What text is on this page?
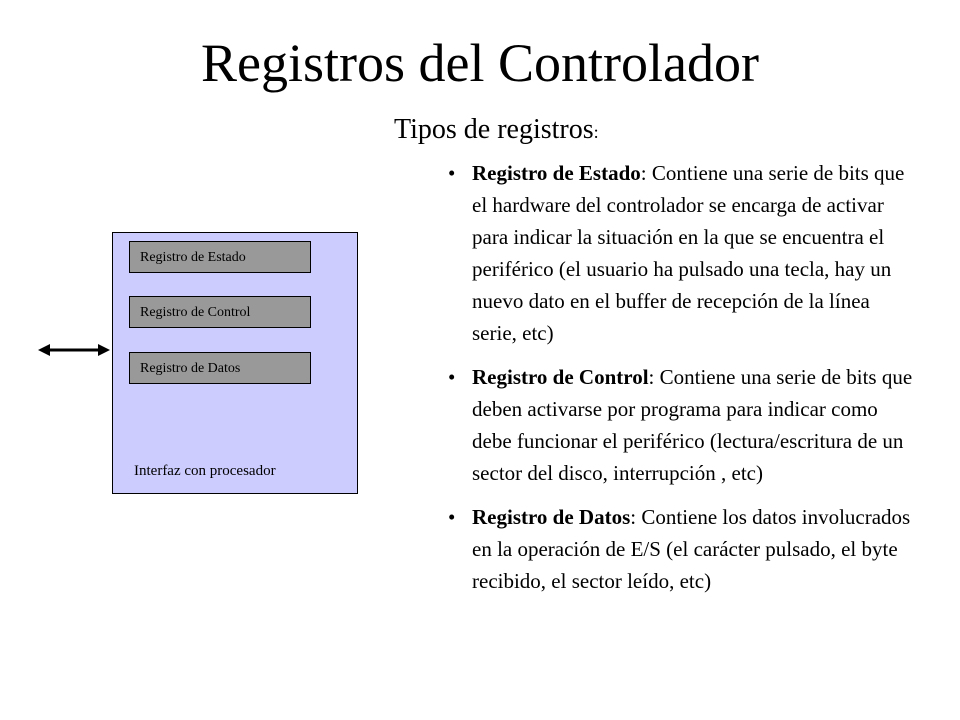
Registros del Controlador
Tipos de registros:
Registro de Estado
Registro de Control
Registro de Datos
Interfaz con procesador
• Registro de Estado: Contiene una serie de bits que el hardware del controlador se encarga de activar para indicar la situación en la que se encuentra el periférico (el usuario ha pulsado una tecla, hay un nuevo dato en el buffer de recepción de la línea serie, etc)
• Registro de Control: Contiene una serie de bits que deben activarse por programa para indicar como debe funcionar el periférico (lectura/escritura de un sector del disco, interrupción , etc)
• Registro de Datos: Contiene los datos involucrados en la operación de E/S (el carácter pulsado, el byte recibido, el sector leído, etc)
